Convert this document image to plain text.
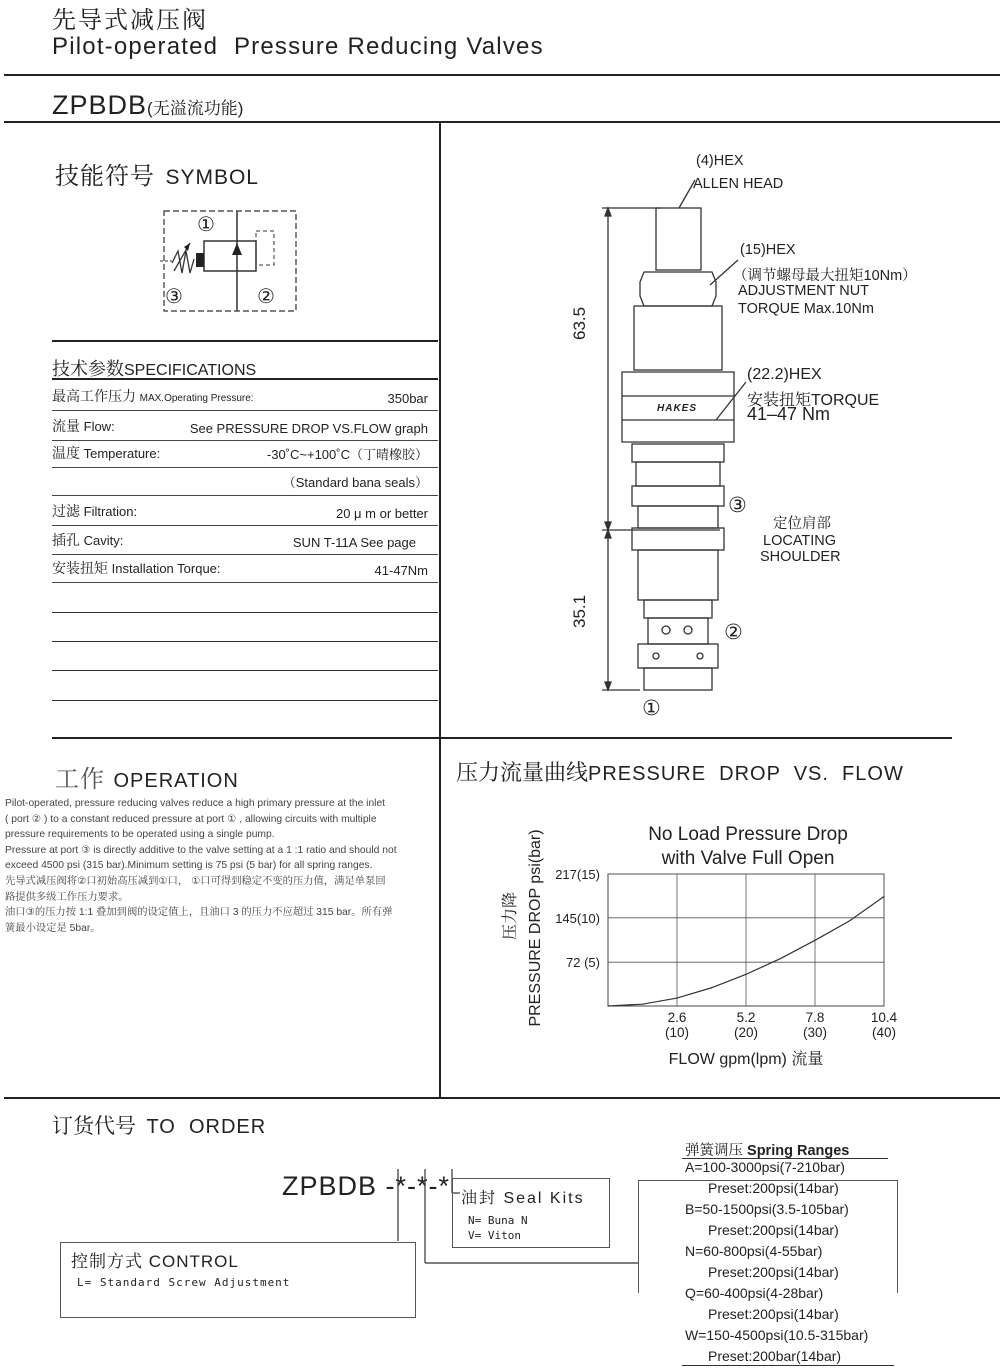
先导式减压阀
Pilot-operated  Pressure Reducing Valves
ZPBDB(无溢流功能)
技能符号 SYMBOL
①
③	②
技术参数SPECIFICATIONS
最高工作压力 MAX.Operating Pressure:	350bar
流量 Flow:	See PRESSURE DROP VS.FLOW graph
温度 Temperature:	-30˚C~+100˚C（丁晴橡胶）
（Standard bana seals）
过滤 Filtration:	20 μ m or better
插孔 Cavity:	SUN T-11A See page
安装扭矩 Installation Torque:	41-47Nm
HAKES
63.5
35.1
(4)HEX
ALLEN HEAD
(15)HEX
（调节螺母最大扭矩10Nm）
ADJUSTMENT NUT
TORQUE Max.10Nm
(22.2)HEX
安装扭矩TORQUE
41–47 Nm
③
定位肩部
LOCATING
SHOULDER
②
①
工作 OPERATION
Pilot-operated, pressure reducing valves reduce a high primary pressure at the inlet
( port ② ) to a constant reduced pressure at port ① , allowing circuits with multiple
pressure requirements to be operated using a single pump.
Pressure at port ③ is directly additive to the valve setting at a 1 :1 ratio and should not
exceed 4500 psi (315 bar).Minimum setting is 75 psi (5 bar) for all spring ranges.
先导式减压阀将②口初始高压减到①口， ①口可得到稳定不变的压力值，满足单泵回
路提供多级工作压力要求。
油口③的压力按 1:1 叠加到阀的设定值上，且油口 3 的压力不应超过 315 bar。所有弹
簧最小设定是 5bar。
压力流量曲线PRESSURE  DROP  VS.  FLOW
No Load Pressure Drop
with Valve Full Open
2.6
(10)
5.2
(20)
7.8
(30)
10.4
(40)
72 (5)
145(10)
217(15)
FLOW gpm(lpm) 流量
PRESSURE DROP psi(bar)
压力降
订货代号 TO  ORDER

ZPBDB -*-*-* 油封 Seal Kits
N= Buna N
V= Viton
控制方式 CONTROL
L= Standard Screw Adjustment
弹簧调压 Spring Ranges
A=100-3000psi(7-210bar)
Preset:200psi(14bar)
B=50-1500psi(3.5-105bar)
Preset:200psi(14bar)
N=60-800psi(4-55bar)
Preset:200psi(14bar)
Q=60-400psi(4-28bar)
Preset:200psi(14bar)
W=150-4500psi(10.5-315bar)
Preset:200bar(14bar)
